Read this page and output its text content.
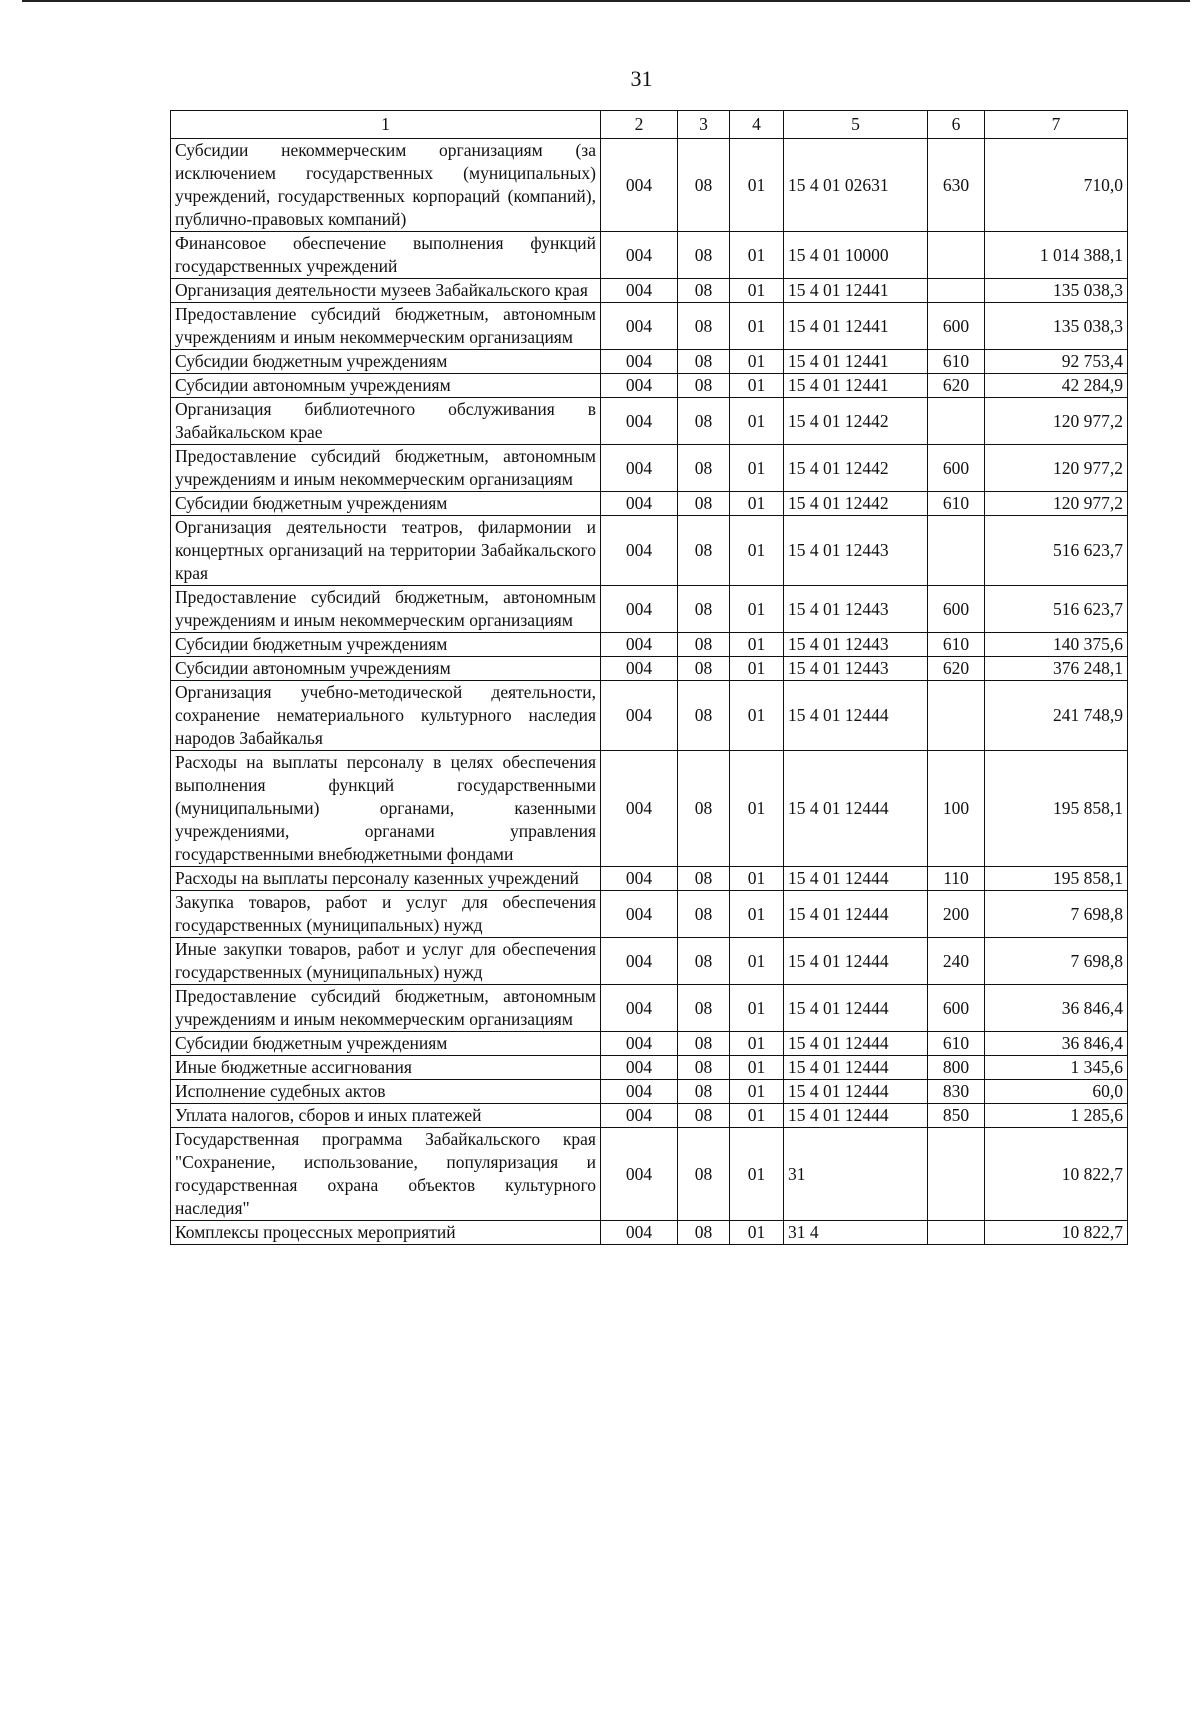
31
1	2	3	4	5	6	7
Субсидии некоммерческим организациям (за исключением государственных (муниципальных) учреждений, государственных корпораций (компаний), публично-правовых компаний)	004	08	01	15 4 01 02631	630	710,0
Финансовое обеспечение выполнения функций государственных учреждений	004	08	01	15 4 01 10000		1 014 388,1
Организация деятельности музеев Забайкальского края	004	08	01	15 4 01 12441		135 038,3
Предоставление субсидий бюджетным, автономным учреждениям и иным некоммерческим организациям	004	08	01	15 4 01 12441	600	135 038,3
Субсидии бюджетным учреждениям	004	08	01	15 4 01 12441	610	92 753,4
Субсидии автономным учреждениям	004	08	01	15 4 01 12441	620	42 284,9
Организация библиотечного обслуживания в Забайкальском крае	004	08	01	15 4 01 12442		120 977,2
Предоставление субсидий бюджетным, автономным учреждениям и иным некоммерческим организациям	004	08	01	15 4 01 12442	600	120 977,2
Субсидии бюджетным учреждениям	004	08	01	15 4 01 12442	610	120 977,2
Организация деятельности театров, филармонии и концертных организаций на территории Забайкальского края	004	08	01	15 4 01 12443		516 623,7
Предоставление субсидий бюджетным, автономным учреждениям и иным некоммерческим организациям	004	08	01	15 4 01 12443	600	516 623,7
Субсидии бюджетным учреждениям	004	08	01	15 4 01 12443	610	140 375,6
Субсидии автономным учреждениям	004	08	01	15 4 01 12443	620	376 248,1
Организация учебно-методической деятельности, сохранение нематериального культурного наследия народов Забайкалья	004	08	01	15 4 01 12444		241 748,9
Расходы на выплаты персоналу в целях обеспечения выполнения функций государственными (муниципальными) органами, казенными учреждениями, органами управления государственными внебюджетными фондами	004	08	01	15 4 01 12444	100	195 858,1
Расходы на выплаты персоналу казенных учреждений	004	08	01	15 4 01 12444	110	195 858,1
Закупка товаров, работ и услуг для обеспечения государственных (муниципальных) нужд	004	08	01	15 4 01 12444	200	7 698,8
Иные закупки товаров, работ и услуг для обеспечения государственных (муниципальных) нужд	004	08	01	15 4 01 12444	240	7 698,8
Предоставление субсидий бюджетным, автономным учреждениям и иным некоммерческим организациям	004	08	01	15 4 01 12444	600	36 846,4
Субсидии бюджетным учреждениям	004	08	01	15 4 01 12444	610	36 846,4
Иные бюджетные ассигнования	004	08	01	15 4 01 12444	800	1 345,6
Исполнение судебных актов	004	08	01	15 4 01 12444	830	60,0
Уплата налогов, сборов и иных платежей	004	08	01	15 4 01 12444	850	1 285,6
Государственная программа Забайкальского края "Сохранение, использование, популяризация и государственная охрана объектов культурного наследия"	004	08	01	31		10 822,7
Комплексы процессных мероприятий	004	08	01	31 4		10 822,7
